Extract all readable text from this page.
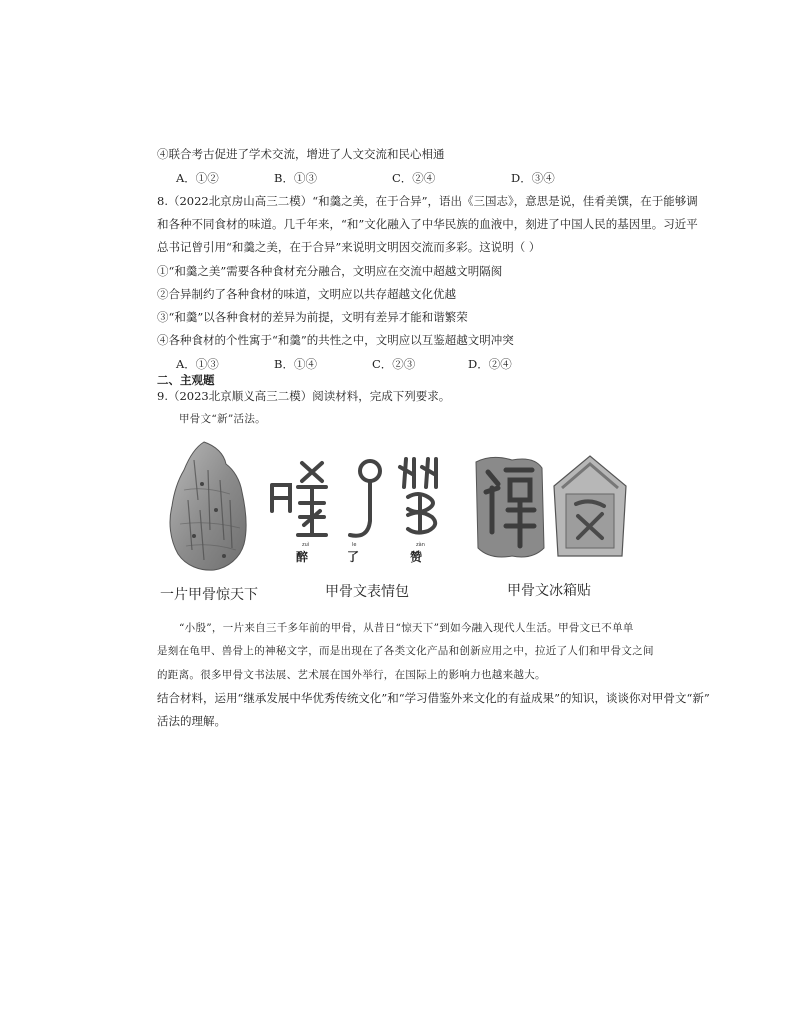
④联合考古促进了学术交流，增进了人文交流和民心相通
A．①②	B．①③	C．②④	D．③④
8.（2022北京房山高三二模）“和羹之美，在于合异”，语出《三国志》，意思是说，佳肴美馔，在于能够调
和各种不同食材的味道。几千年来，“和”文化融入了中华民族的血液中，刻进了中国人民的基因里。习近平
总书记曾引用“和羹之美，在于合异”来说明文明因交流而多彩。这说明（ ）
①“和羹之美”需要各种食材充分融合，文明应在交流中超越文明隔阂
②合异制约了各种食材的味道，文明应以共存超越文化优越
③“和羹”以各种食材的差异为前提，文明有差异才能和谐繁荣
④各种食材的个性寓于“和羹”的共性之中，文明应以互鉴超越文明冲突
A．①③	B．①④	C．②③	D．②④
二、主观题
9.（2023北京顺义高三二模）阅读材料，完成下列要求。
甲骨文“新”活法。
zuì	le	zàn
醉	了	赞
一片甲骨惊天下	甲骨文表情包	甲骨文冰箱贴
“小殷”，一片来自三千多年前的甲骨，从昔日“惊天下”到如今融入现代人生活。甲骨文已不单单
是刻在龟甲、兽骨上的神秘文字，而是出现在了各类文化产品和创新应用之中，拉近了人们和甲骨文之间
的距离。很多甲骨文书法展、艺术展在国外举行，在国际上的影响力也越来越大。
结合材料，运用“继承发展中华优秀传统文化”和“学习借鉴外来文化的有益成果”的知识，谈谈你对甲骨文“新”
活法的理解。
